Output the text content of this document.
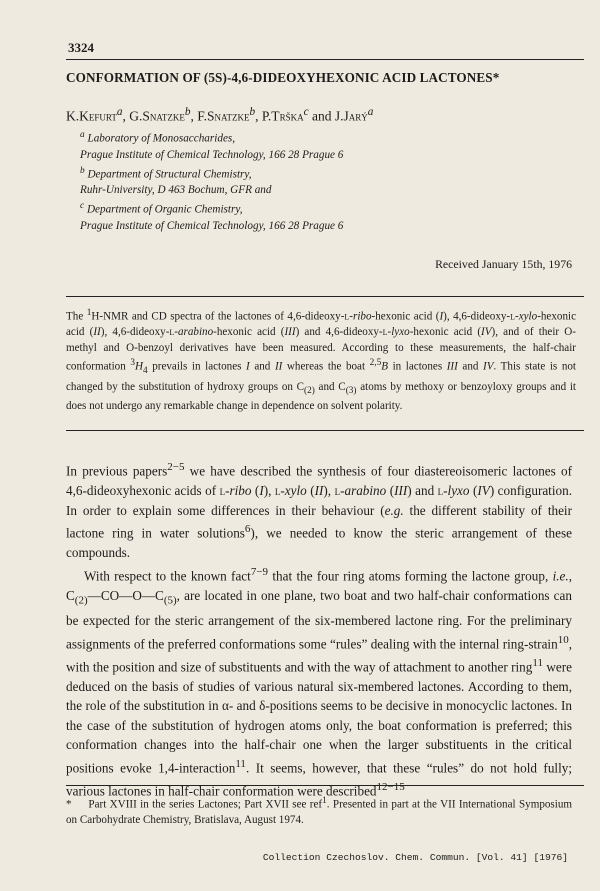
3324
CONFORMATION OF (5S)-4,6-DIDEOXYHEXONIC ACID LACTONES*
K.Kefurt$^a$, G.Snatzke$^b$, F.Snatzke$^b$, P.Trška$^c$ and J.Jarý$^a$
$^a$ Laboratory of Monosaccharides,
Prague Institute of Chemical Technology, 166 28 Prague 6
$^b$ Department of Structural Chemistry,
Ruhr-University, D 463 Bochum, GFR and
$^c$ Department of Organic Chemistry,
Prague Institute of Chemical Technology, 166 28 Prague 6
Received January 15th, 1976
The $^1$H-NMR and CD spectra of the lactones of 4,6-dideoxy-l-ribo-hexonic acid (I), 4,6-dideoxy-l-xylo-hexonic acid (II), 4,6-dideoxy-l-arabino-hexonic acid (III) and 4,6-dideoxy-l-lyxo-hexonic acid (IV), and of their O-methyl and O-benzoyl derivatives have been measured. According to these measurements, the half-chair conformation $^3H_4$ prevails in lactones I and II whereas the boat $^{2,5}$B in lactones III and IV. This state is not changed by the substitution of hydroxy groups on $C_{(2)}$ and $C_{(3)}$ atoms by methoxy or benzoyloxy groups and it does not undergo any remarkable change in dependence on solvent polarity.

In previous papers$^{2-5}$ we have described the synthesis of four diastereoisomeric lactones of 4,6-dideoxyhexonic acids of l-ribo (I), l-xylo (II), l-arabino (III) and l-lyxo (IV) configuration. In order to explain some differences in their behaviour (e.g. the different stability of their lactone ring in water solutions$^6$), we needed to know the steric arrangement of these compounds.

With respect to the known fact$^{7-9}$ that the four ring atoms forming the lactone group, i.e., $C_{(2)}—CO—O—C_{(5)}$, are located in one plane, two boat and two half-chair conformations can be expected for the steric arrangement of the six-membered lactone ring. For the preliminary assignments of the preferred conformations some “rules” dealing with the internal ring-strain$^{10}$, with the position and size of substituents and with the way of attachment to another ring$^{11}$ were deduced on the basis of studies of various natural six-membered lactones. According to them, the role of the substitution in α- and δ-positions seems to be decisive in monocyclic lactones. In the case of the substitution of hydrogen atoms only, the boat conformation is preferred; this conformation changes into the half-chair one when the larger substituents in the critical positions evoke 1,4-interaction$^{11}$. It seems, however, that these “rules” do not hold fully; various lactones in half-chair conformation were described$^{12-15}$

*     Part XVIII in the series Lactones; Part XVII see ref$^1$. Presented in part at the VII International Symposium on Carbohydrate Chemistry, Bratislava, August 1974.
Collection Czechoslov. Chem. Commun. [Vol. 41] [1976]
